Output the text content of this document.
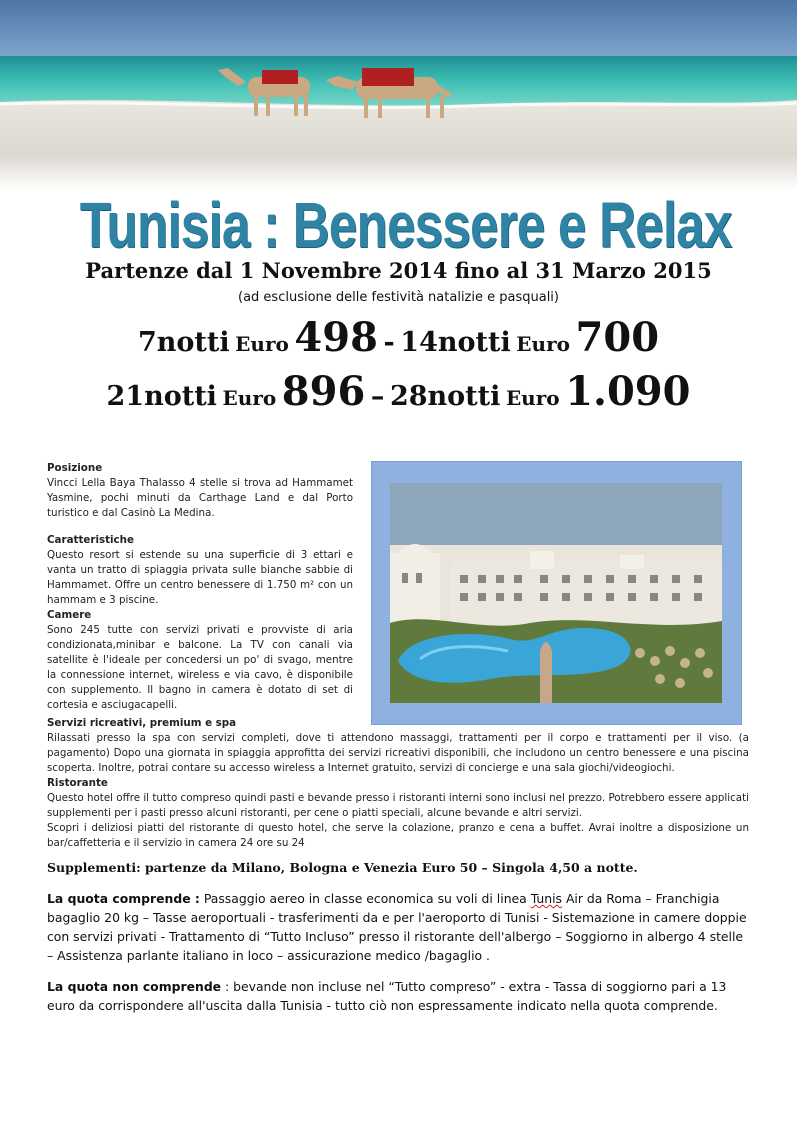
Tunisia : Benessere e Relax
Partenze dal 1 Novembre 2014 fino al 31 Marzo 2015
(ad esclusione delle festività natalizie e pasquali)
7notti Euro 498 - 14notti Euro 700
21notti Euro 896 – 28notti Euro 1.090
Posizione
Vincci Lella Baya Thalasso 4 stelle si trova ad Hammamet Yasmine, pochi minuti da Carthage Land e dal Porto turistico e dal Casinò La Medina.
Caratteristiche
Questo resort si estende su una superficie di 3 ettari e vanta un tratto di spiaggia privata sulle bianche sabbie di Hammamet. Offre un centro benessere di 1.750 m² con un hammam e 3 piscine.
Camere
Sono 245 tutte con servizi privati e provviste di aria condizionata,minibar e balcone. La TV con canali via satellite è l'ideale per concedersi un po' di svago, mentre la connessione internet, wireless e via cavo, è disponibile con supplemento. Il bagno in camera è dotato di set di cortesia e asciugacapelli.
Servizi ricreativi, premium e spa
Rilassati presso la spa con servizi completi, dove ti attendono massaggi, trattamenti per il corpo e trattamenti per il viso. (a pagamento) Dopo una giornata in spiaggia approfitta dei servizi ricreativi disponibili, che includono un centro benessere e una piscina scoperta. Inoltre, potrai contare su accesso wireless a Internet gratuito, servizi di concierge e una sala giochi/videogiochi.
Ristorante
Questo hotel offre il tutto compreso quindi pasti e bevande presso i ristoranti interni sono inclusi nel prezzo. Potrebbero essere applicati supplementi per i pasti presso alcuni ristoranti, per cene o piatti speciali, alcune bevande e altri servizi.
Scopri i deliziosi piatti del ristorante di questo hotel, che serve la colazione, pranzo e cena a buffet. Avrai inoltre a disposizione un bar/caffetteria e il servizio in camera 24 ore su 24
Supplementi: partenze da Milano, Bologna e Venezia Euro 50 – Singola 4,50 a notte.
La quota comprende : Passaggio aereo in classe economica su voli di linea Tunis Air da Roma – Franchigia bagaglio 20 kg – Tasse aeroportuali - trasferimenti da e per l'aeroporto di Tunisi - Sistemazione in camere doppie con servizi privati - Trattamento di “Tutto Incluso” presso il ristorante dell'albergo – Soggiorno in albergo 4 stelle – Assistenza parlante italiano in loco – assicurazione medico /bagaglio .
La quota non comprende : bevande non incluse nel “Tutto compreso” - extra - Tassa di soggiorno pari a 13 euro da corrispondere all'uscita dalla Tunisia - tutto ciò non espressamente indicato nella quota comprende.
